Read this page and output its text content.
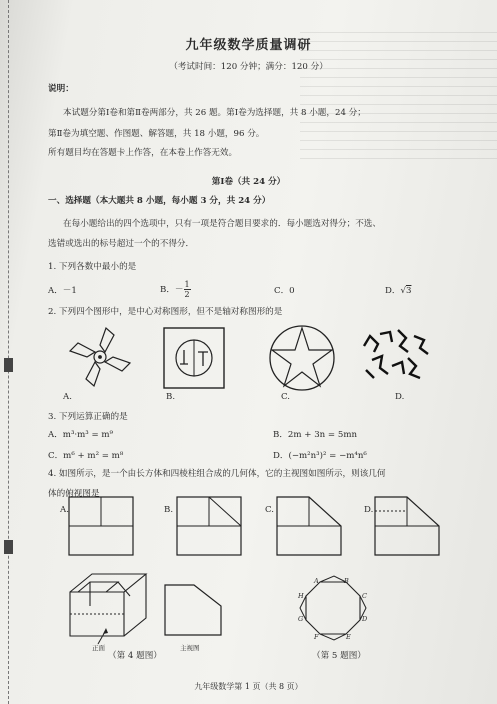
九年级数学质量调研
（考试时间：120 分钟；满分：120 分）
说明：
本试题分第Ⅰ卷和第Ⅱ卷两部分，共 26 题。第Ⅰ卷为选择题，共 8 小题，24 分；
第Ⅱ卷为填空题、作图题、解答题，共 18 小题，96 分。
所有题目均在答题卡上作答，在本卷上作答无效。
第Ⅰ卷（共 24 分）
一、选择题（本大题共 8 小题，每小题 3 分，共 24 分）
在每小题给出的四个选项中，只有一项是符合题目要求的．每小题选对得分；不选、
选错或选出的标号超过一个的不得分．
1. 下列各数中最小的是
A．－1	B．－ $\frac{1}{2}$	C．0	D．√3
2. 下列四个图形中，是中心对称图形，但不是轴对称图形的是
A.	B.	C.	D.
3. 下列运算正确的是
A．m³·m³ = m⁹	B．2m + 3n = 5mn
C．m⁶ + m² = m⁸	D．(−m²n³)² = −m⁴n⁶
4. 如图所示，是一个由长方体和四棱柱组合成的几何体，它的主视图如图所示，则该几何
体的俯视图是
A.	B.	C.	D.
正面	主视图
（第 4 题图）
A	B
C
D
E
F
G
H
（第 5 题图）
九年级数学第 1 页（共 8 页）
